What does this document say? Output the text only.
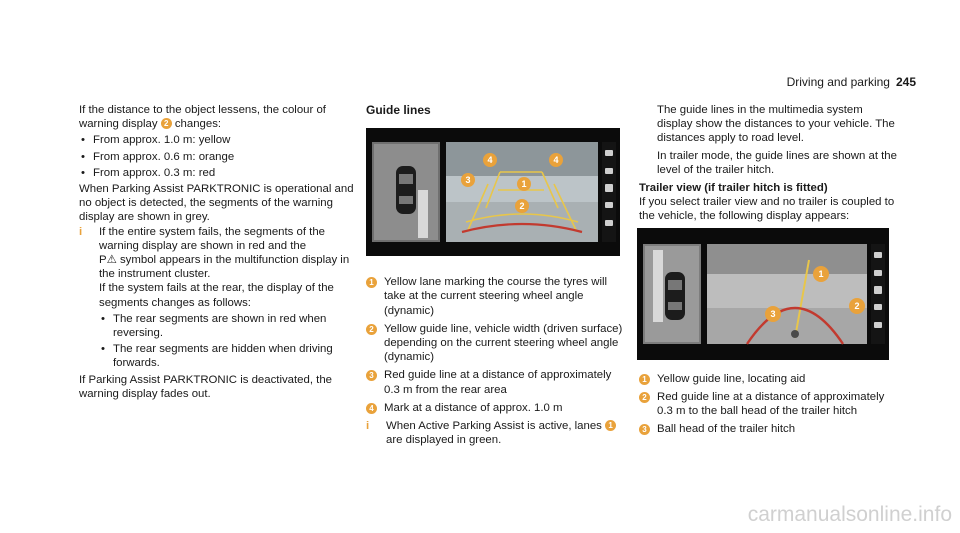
Driving and parking 245

If the distance to the object lessens, the colour of warning display 2 changes:

• From approx. 1.0 m: yellow
• From approx. 0.6 m: orange
• From approx. 0.3 m: red

When Parking Assist PARKTRONIC is operational and no object is detected, the segments of the warning display are shown in grey.

i If the entire system fails, the segments of the warning display are shown in red and the
P⚠ symbol appears in the multifunction display in the instrument cluster.

If the system fails at the rear, the display of the segments changes as follows:

• The rear segments are shown in red when reversing.
• The rear segments are hidden when driving forwards.

If Parking Assist PARKTRONIC is deactivated, the warning display fades out.

Guide lines

1 Yellow lane marking the course the tyres will take at the current steering wheel angle (dynamic)
2 Yellow guide line, vehicle width (driven surface) depending on the current steering wheel angle (dynamic)
3 Red guide line at a distance of approximately 0.3 m from the rear area
4 Mark at a distance of approx. 1.0 m
i When Active Parking Assist is active, lanes 1 are displayed in green.

4
1
4
3
2

The guide lines in the multimedia system display show the distances to your vehicle. The distances apply to road level.

In trailer mode, the guide lines are shown at the level of the trailer hitch.

Trailer view (if trailer hitch is fitted)

If you select trailer view and no trailer is coupled to the vehicle, the following display appears:

1 Yellow guide line, locating aid
2 Red guide line at a distance of approximately 0.3 m to the ball head of the trailer hitch
3 Ball head of the trailer hitch
1
2
3
carmanualsonline.info
